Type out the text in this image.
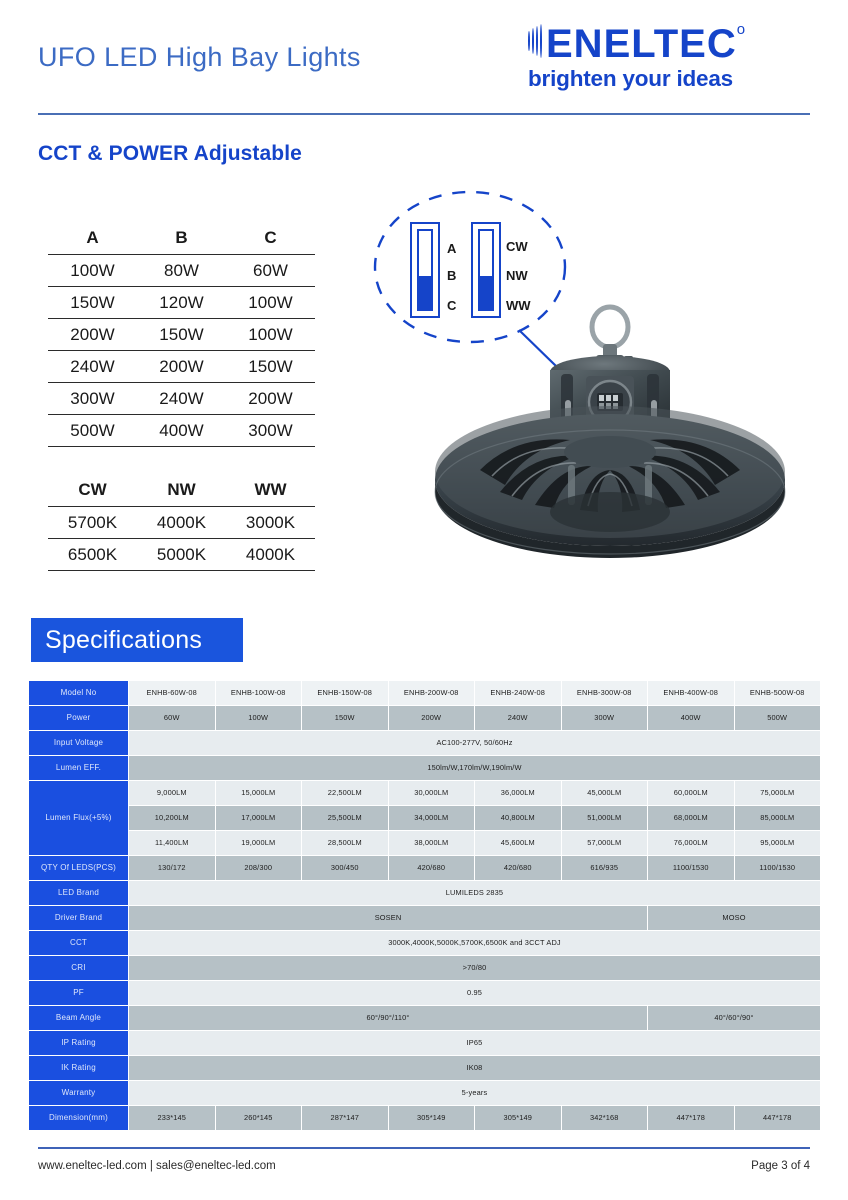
UFO LED High Bay Lights	ENELTEC o
brighten your ideas
CCT & POWER Adjustable
A	B	C
100W	80W	60W
150W	120W	100W
200W	150W	100W
240W	200W	150W
300W	240W	200W
500W	400W	300W
CW	NW	WW
5700K	4000K	3000K
6500K	5000K	4000K
A
B
C
CW
NW
WW
Specifications
Model No	ENHB-60W-08	ENHB-100W-08	ENHB-150W-08	ENHB-200W-08	ENHB-240W-08	ENHB-300W-08	ENHB-400W-08	ENHB-500W-08
Power	60W	100W	150W	200W	240W	300W	400W	500W
Input Voltage	AC100-277V, 50/60Hz							
Lumen EFF.	150lm/W,170lm/W,190lm/W							
Lumen Flux(+5%)	9,000LM	15,000LM	22,500LM	30,000LM	36,000LM	45,000LM	60,000LM	75,000LM
	10,200LM	17,000LM	25,500LM	34,000LM	40,800LM	51,000LM	68,000LM	85,000LM
	11,400LM	19,000LM	28,500LM	38,000LM	45,600LM	57,000LM	76,000LM	95,000LM
QTY Of LEDS(PCS)	130/172	208/300	300/450	420/680	420/680	616/935	1100/1530	1100/1530
LED Brand	LUMILEDS 2835							
Driver Brand	SOSEN						MOSO	
CCT	3000K,4000K,5000K,5700K,6500K and 3CCT ADJ							
CRI	>70/80							
PF	0.95							
Beam Angle	60°/90°/110°						40°/60°/90°	
IP Rating	IP65							
IK Rating	IK08							
Warranty	5-years							
Dimension(mm)	233*145	260*145	287*147	305*149	305*149	342*168	447*178	447*178
www.eneltec-led.com | sales@eneltec-led.com	Page 3 of 4
